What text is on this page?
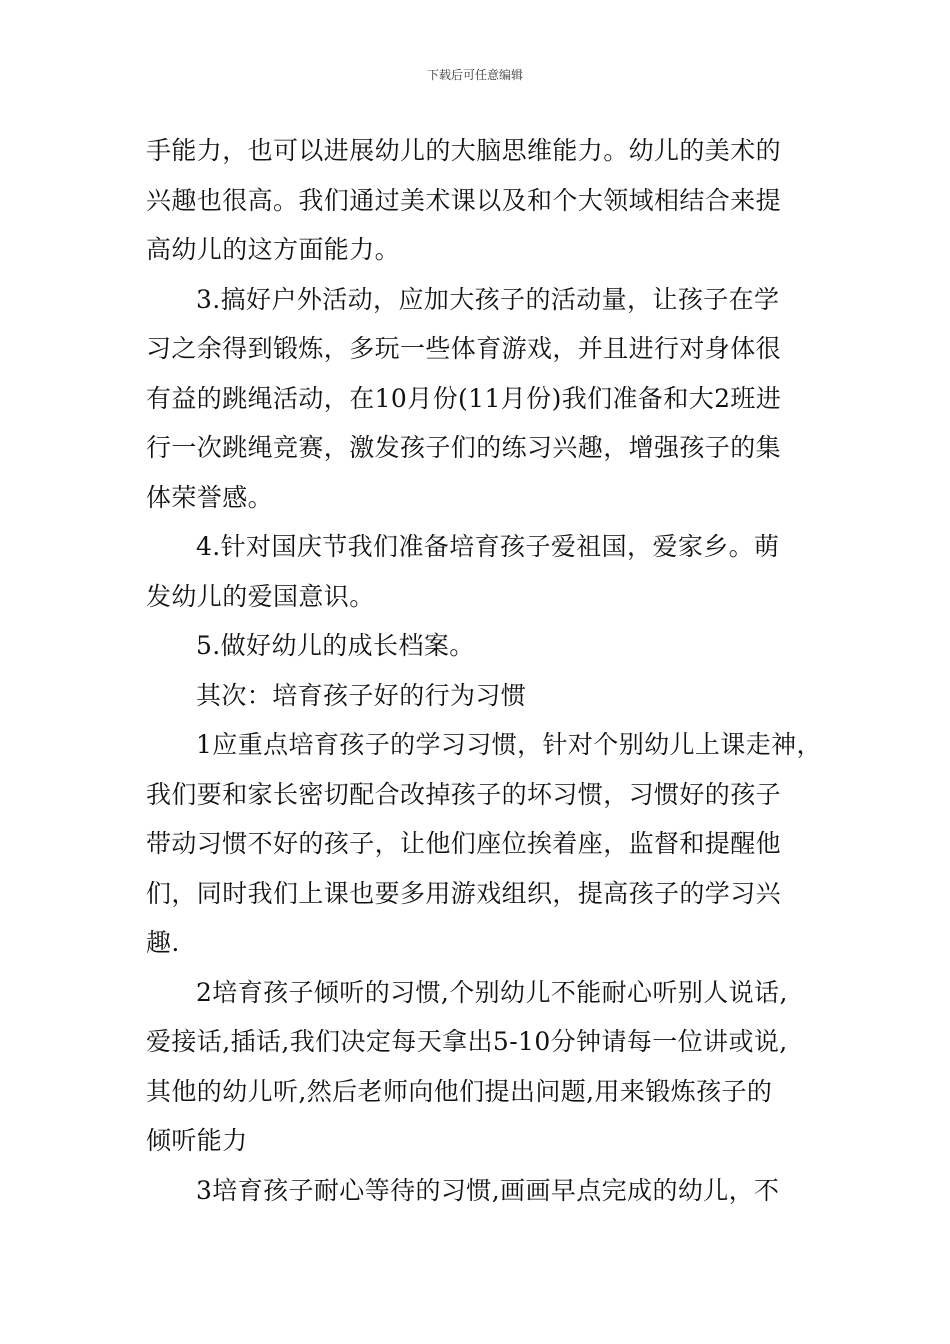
下载后可任意编辑
手能力，也可以进展幼儿的大脑思维能力。幼儿的美术的
兴趣也很高。我们通过美术课以及和个大领域相结合来提
高幼儿的这方面能力。
3.搞好户外活动，应加大孩子的活动量，让孩子在学
习之余得到锻炼，多玩一些体育游戏，并且进行对身体很
有益的跳绳活动，在10月份(11月份)我们准备和大2班进
行一次跳绳竞赛，激发孩子们的练习兴趣，增强孩子的集
体荣誉感。
4.针对国庆节我们准备培育孩子爱祖国，爱家乡。萌
发幼儿的爱国意识。
5.做好幼儿的成长档案。
其次：培育孩子好的行为习惯
1应重点培育孩子的学习习惯，针对个别幼儿上课走神，
我们要和家长密切配合改掉孩子的坏习惯，习惯好的孩子
带动习惯不好的孩子，让他们座位挨着座，监督和提醒他
们，同时我们上课也要多用游戏组织，提高孩子的学习兴
趣.
2培育孩子倾听的习惯,个别幼儿不能耐心听别人说话,
爱接话,插话,我们决定每天拿出5-10分钟请每一位讲或说,
其他的幼儿听,然后老师向他们提出问题,用来锻炼孩子的
倾听能力
3培育孩子耐心等待的习惯,画画早点完成的幼儿，不
